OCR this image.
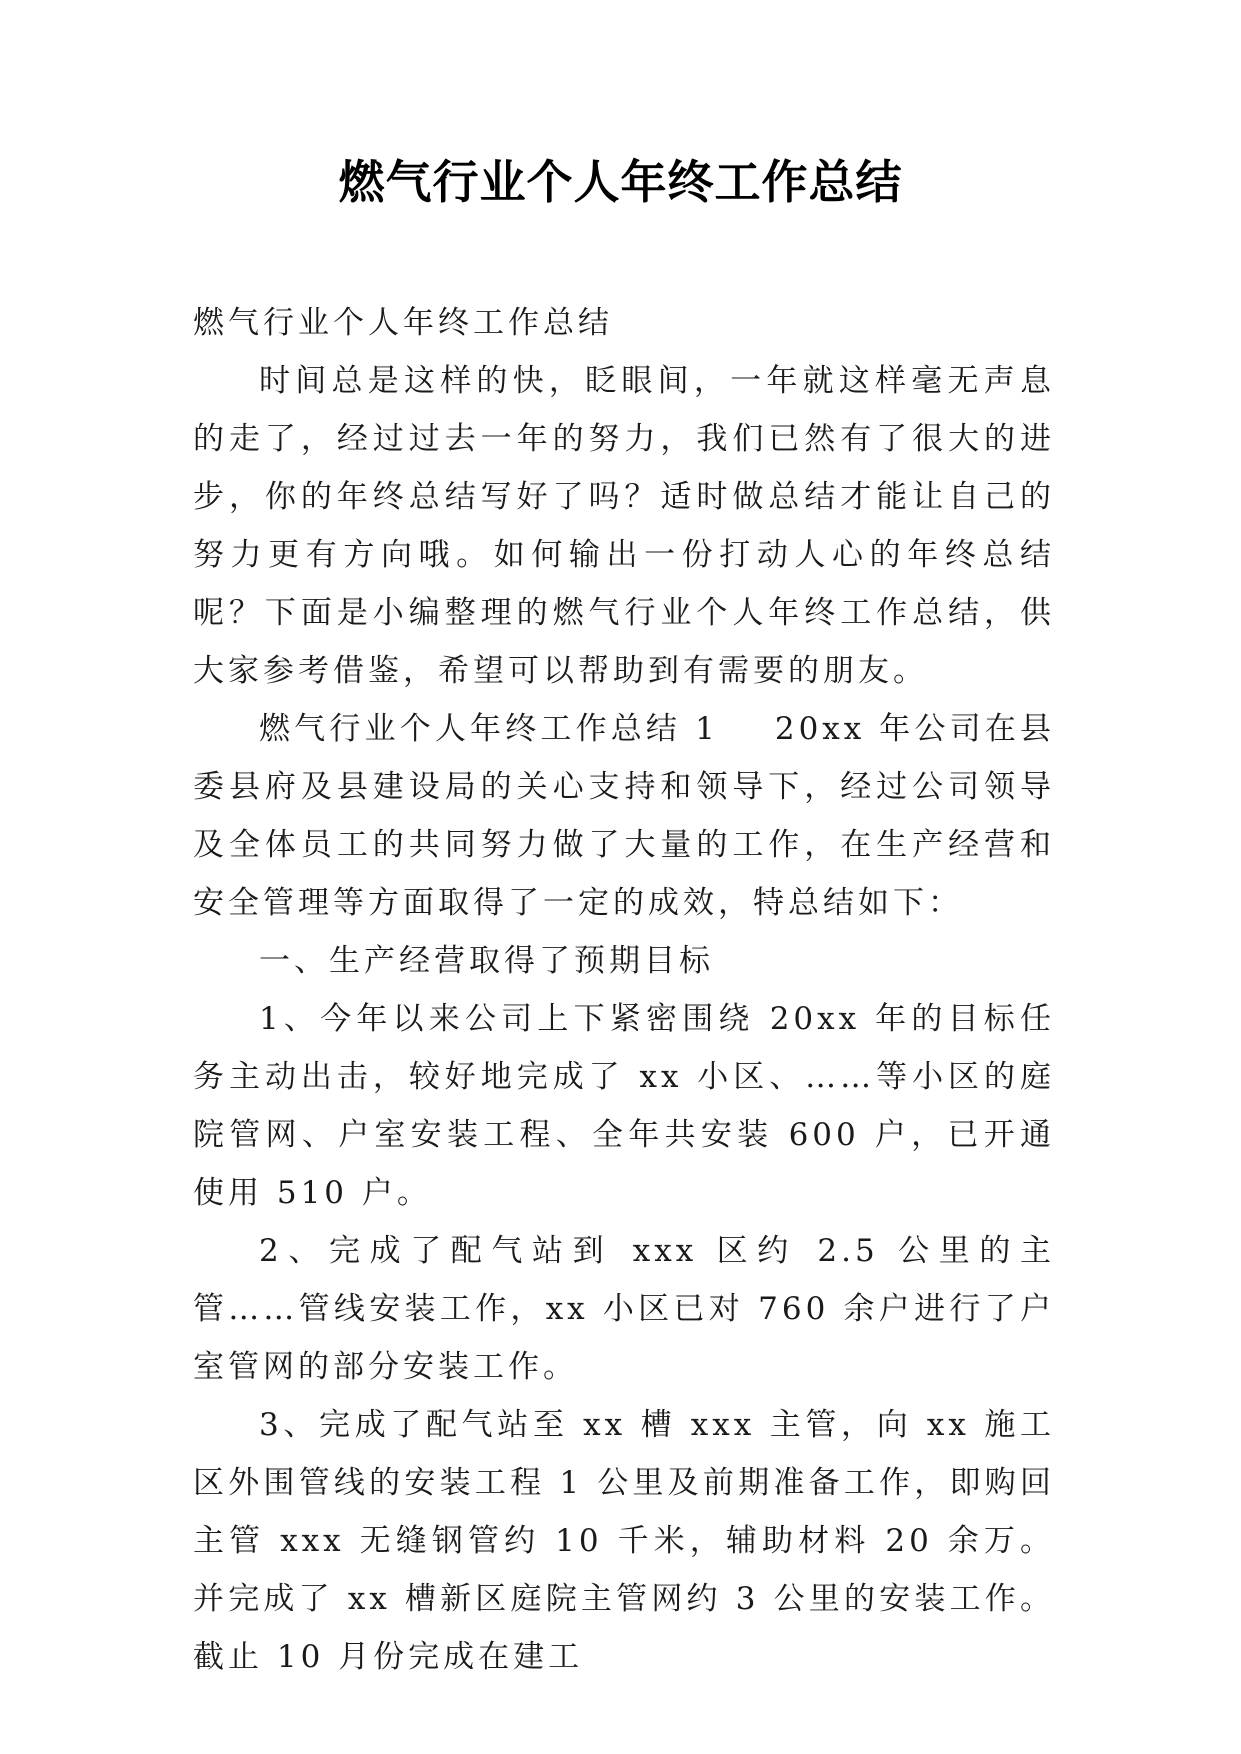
燃气行业个人年终工作总结

燃气行业个人年终工作总结

时间总是这样的快，眨眼间，一年就这样毫无声息的走了，经过过去一年的努力，我们已然有了很大的进步，你的年终总结写好了吗？适时做总结才能让自己的努力更有方向哦。如何输出一份打动人心的年终总结呢？下面是小编整理的燃气行业个人年终工作总结，供大家参考借鉴，希望可以帮助到有需要的朋友。

燃气行业个人年终工作总结 1 20xx 年公司在县委县府及县建设局的关心支持和领导下，经过公司领导及全体员工的共同努力做了大量的工作，在生产经营和安全管理等方面取得了一定的成效，特总结如下：

一、生产经营取得了预期目标

1、今年以来公司上下紧密围绕 20xx 年的目标任务主动出击，较好地完成了 xx 小区、……等小区的庭院管网、户室安装工程、全年共安装 600 户，已开通使用 510 户。

2、完成了配气站到 xxx 区约 2.5 公里的主管……管线安装工作，xx 小区已对 760 余户进行了户室管网的部分安装工作。

3、完成了配气站至 xx 槽 xxx 主管，向 xx 施工区外围管线的安装工程 1 公里及前期准备工作，即购回主管 xxx 无缝钢管约 10 千米，辅助材料 20 余万。并完成了 xx 槽新区庭院主管网约 3 公里的安装工作。截止 10 月份完成在建工
